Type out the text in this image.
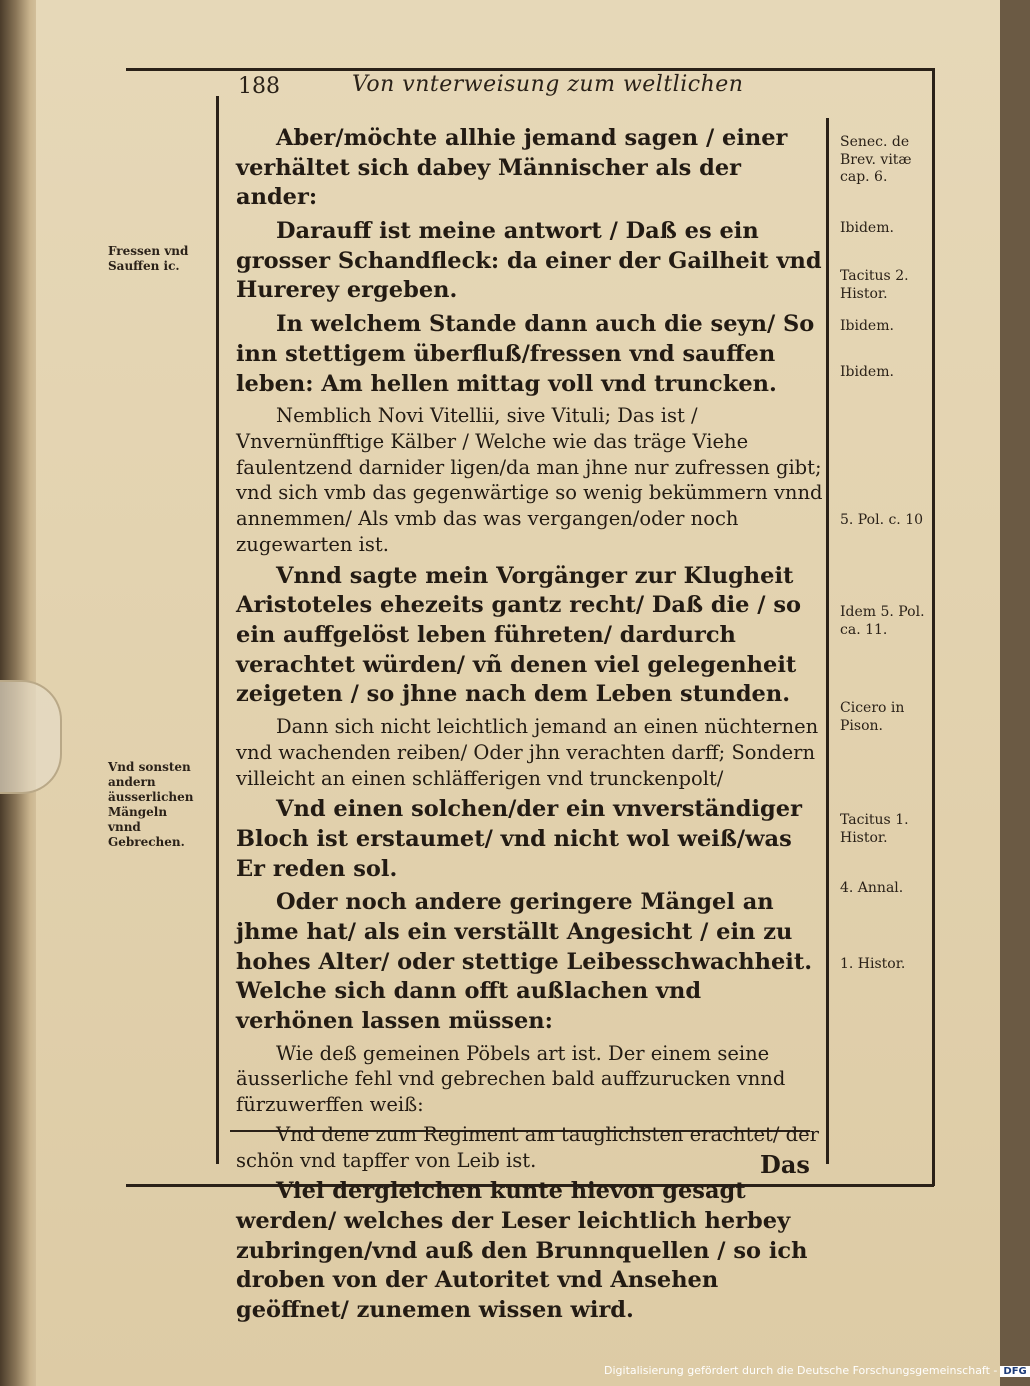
188	Von vnterweisung zum weltlichen

Aber/möchte allhie jemand sagen / einer verhältet sich dabey Männischer als der ander:

Darauff ist meine antwort / Daß es ein grosser Schandfleck: da einer der Gailheit vnd Hurerey ergeben.

In welchem Stande dann auch die seyn/ So inn stettigem überfluß/fressen vnd sauffen leben: Am hellen mittag voll vnd truncken.

Nemblich Novi Vitellii, sive Vituli; Das ist / Vnvernünfftige Kälber / Welche wie das träge Viehe faulentzend darnider ligen/da man jhne nur zufressen gibt; vnd sich vmb das gegenwärtige so wenig bekümmern vnnd annemmen/ Als vmb das was vergangen/oder noch zugewarten ist.

Vnnd sagte mein Vorgänger zur Klugheit Aristoteles ehezeits gantz recht/ Daß die / so ein auffgelöst leben führeten/ dardurch verachtet würden/ vñ denen viel gelegenheit zeigeten / so jhne nach dem Leben stunden.

Dann sich nicht leichtlich jemand an einen nüchternen vnd wachenden reiben/ Oder jhn verachten darff; Sondern villeicht an einen schläfferigen vnd trunckenpolt/

Vnd einen solchen/der ein vnverständiger Bloch ist erstaumet/ vnd nicht wol weiß/was Er reden sol.

Oder noch andere geringere Mängel an jhme hat/ als ein verställt Angesicht / ein zu hohes Alter/ oder stettige Leibesschwachheit. Welche sich dann offt außlachen vnd verhönen lassen müssen:

Wie deß gemeinen Pöbels art ist. Der einem seine äusserliche fehl vnd gebrechen bald auffzurucken vnnd fürzuwerffen weiß:

Vnd dene zum Regiment am tauglichsten erachtet/ der schön vnd tapffer von Leib ist.

Viel dergleichen kunte hievon gesagt werden/ welches der Leser leichtlich herbey zubringen/vnd auß den Brunnquellen / so ich droben von der Autoritet vnd Ansehen geöffnet/ zunemen wissen wird.

Fressen vnd Sauffen ic.
Vnd sonsten andern äusserlichen Mängeln vnnd Gebrechen.
Senec. de Brev. vitæ cap. 6.
Ibidem.
Tacitus 2. Histor.
Ibidem.
Ibidem.
5. Pol. c. 10
Idem 5. Pol. ca. 11.
Cicero in Pison.
Tacitus 1. Histor.
4. Annal.
1. Histor.
Das
Digitalisierung gefördert durch die Deutsche Forschungsgemeinschaft - DFG
